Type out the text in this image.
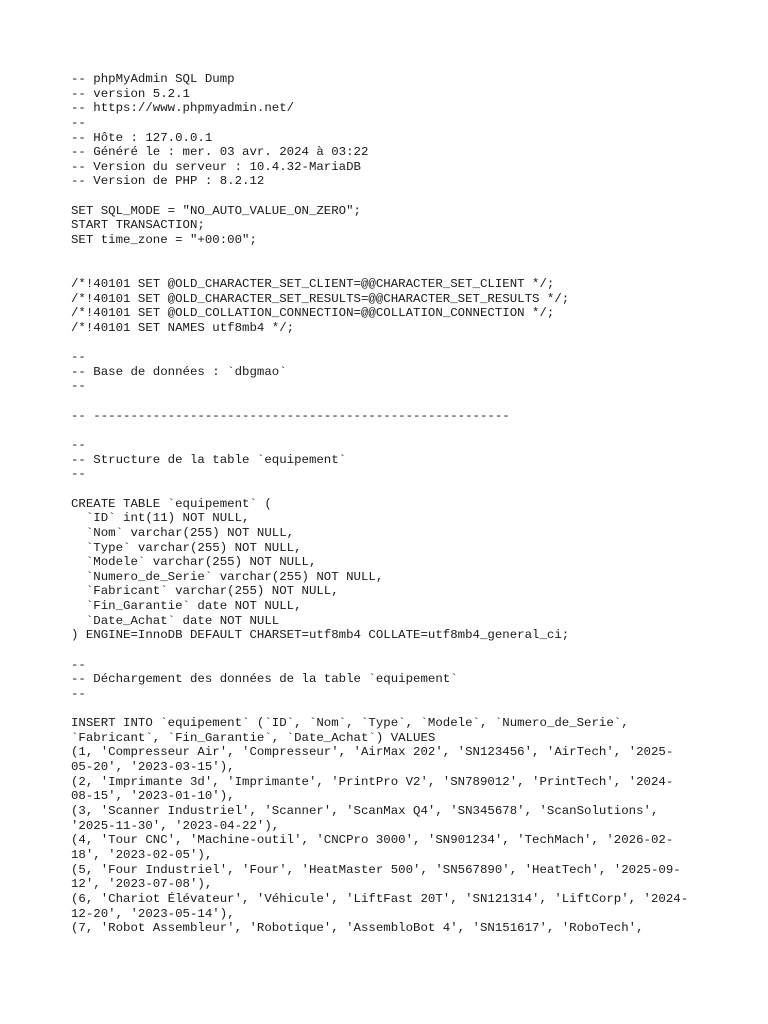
-- phpMyAdmin SQL Dump
-- version 5.2.1
-- https://www.phpmyadmin.net/
--
-- Hôte : 127.0.0.1
-- Généré le : mer. 03 avr. 2024 à 03:22
-- Version du serveur : 10.4.32-MariaDB
-- Version de PHP : 8.2.12
SET SQL_MODE = "NO_AUTO_VALUE_ON_ZERO";
START TRANSACTION;
SET time_zone = "+00:00";
/*!40101 SET @OLD_CHARACTER_SET_CLIENT=@@CHARACTER_SET_CLIENT */;
/*!40101 SET @OLD_CHARACTER_SET_RESULTS=@@CHARACTER_SET_RESULTS */;
/*!40101 SET @OLD_COLLATION_CONNECTION=@@COLLATION_CONNECTION */;
/*!40101 SET NAMES utf8mb4 */;
--
-- Base de données : `dbgmao`
--
-- --------------------------------------------------------
--
-- Structure de la table `equipement`
--
CREATE TABLE `equipement` (
`ID` int(11) NOT NULL,
`Nom` varchar(255) NOT NULL,
`Type` varchar(255) NOT NULL,
`Modele` varchar(255) NOT NULL,
`Numero_de_Serie` varchar(255) NOT NULL,
`Fabricant` varchar(255) NOT NULL,
`Fin_Garantie` date NOT NULL,
`Date_Achat` date NOT NULL
) ENGINE=InnoDB DEFAULT CHARSET=utf8mb4 COLLATE=utf8mb4_general_ci;
--
-- Déchargement des données de la table `equipement`
--
INSERT INTO `equipement` (`ID`, `Nom`, `Type`, `Modele`, `Numero_de_Serie`,
`Fabricant`, `Fin_Garantie`, `Date_Achat`) VALUES
(1, 'Compresseur Air', 'Compresseur', 'AirMax 202', 'SN123456', 'AirTech', '2025-
05-20', '2023-03-15'),
(2, 'Imprimante 3d', 'Imprimante', 'PrintPro V2', 'SN789012', 'PrintTech', '2024-
08-15', '2023-01-10'),
(3, 'Scanner Industriel', 'Scanner', 'ScanMax Q4', 'SN345678', 'ScanSolutions',
'2025-11-30', '2023-04-22'),
(4, 'Tour CNC', 'Machine-outil', 'CNCPro 3000', 'SN901234', 'TechMach', '2026-02-
18', '2023-02-05'),
(5, 'Four Industriel', 'Four', 'HeatMaster 500', 'SN567890', 'HeatTech', '2025-09-
12', '2023-07-08'),
(6, 'Chariot Élévateur', 'Véhicule', 'LiftFast 20T', 'SN121314', 'LiftCorp', '2024-
12-20', '2023-05-14'),
(7, 'Robot Assembleur', 'Robotique', 'AssembloBot 4', 'SN151617', 'RoboTech',
